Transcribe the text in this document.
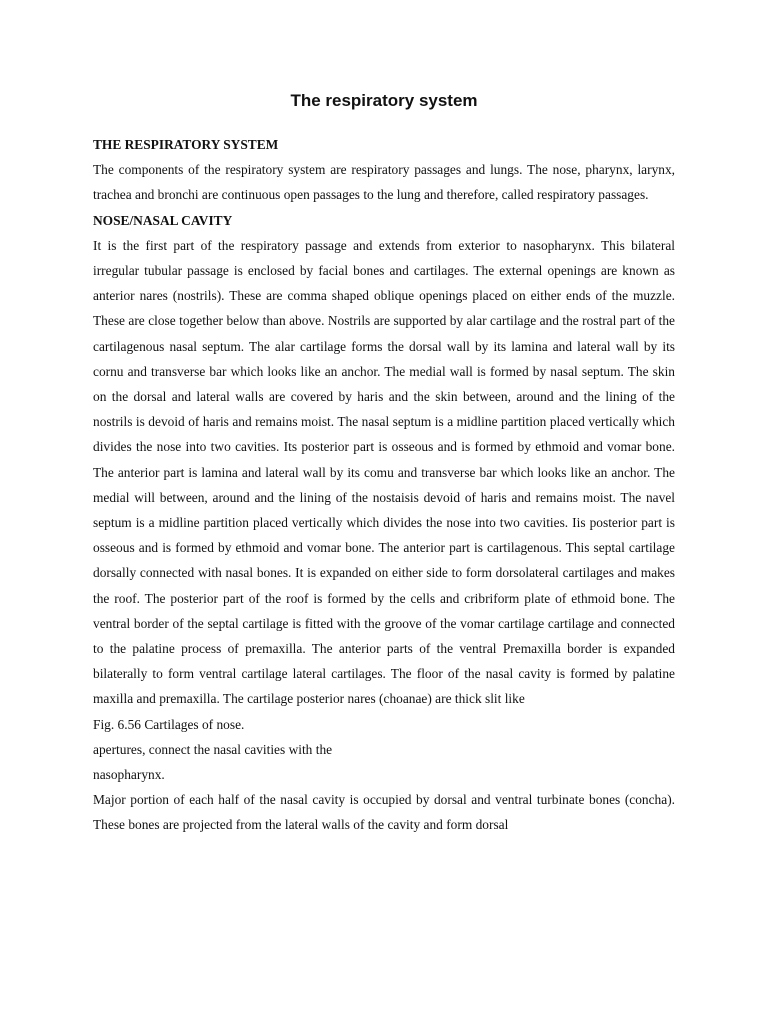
The respiratory system

THE RESPIRATORY SYSTEM

The components of the respiratory system are respiratory passages and lungs. The nose, pharynx, larynx, trachea and bronchi are continuous open passages to the lung and therefore, called respiratory passages.

NOSE/NASAL CAVITY

It is the first part of the respiratory passage and extends from exterior to nasopharynx. This bilateral irregular tubular passage is enclosed by facial bones and cartilages. The external openings are known as anterior nares (nostrils). These are comma shaped oblique openings placed on either ends of the muzzle. These are close together below than above. Nostrils are supported by alar cartilage and the rostral part of the cartilagenous nasal septum. The alar cartilage forms the dorsal wall by its lamina and lateral wall by its cornu and transverse bar which looks like an anchor. The medial wall is formed by nasal septum. The skin on the dorsal and lateral walls are covered by haris and the skin between, around and the lining of the nostrils is devoid of haris and remains moist. The nasal septum is a midline partition placed vertically which divides the nose into two cavities. Its posterior part is osseous and is formed by ethmoid and vomar bone. The anterior part is lamina and lateral wall by its comu and transverse bar which looks like an anchor. The medial will between, around and the lining of the nostaisis devoid of haris and remains moist. The navel septum is a midline partition placed vertically which divides the nose into two cavities. Iis posterior part is osseous and is formed by ethmoid and vomar bone. The anterior part is cartilagenous. This septal cartilage dorsally connected with nasal bones. It is expanded on either side to form dorsolateral cartilages and makes the roof. The posterior part of the roof is formed by the cells and cribriform plate of ethmoid bone. The ventral border of the septal cartilage is fitted with the groove of the vomar cartilage cartilage and connected to the palatine process of premaxilla. The anterior parts of the ventral Premaxilla border is expanded bilaterally to form ventral cartilage lateral cartilages. The floor of the nasal cavity is formed by palatine maxilla and premaxilla. The cartilage posterior nares (choanae) are thick slit like

Fig. 6.56 Cartilages of nose.

apertures, connect the nasal cavities with the

nasopharynx.

Major portion of each half of the nasal cavity is occupied by dorsal and ventral turbinate bones (concha). These bones are projected from the lateral walls of the cavity and form dorsal
